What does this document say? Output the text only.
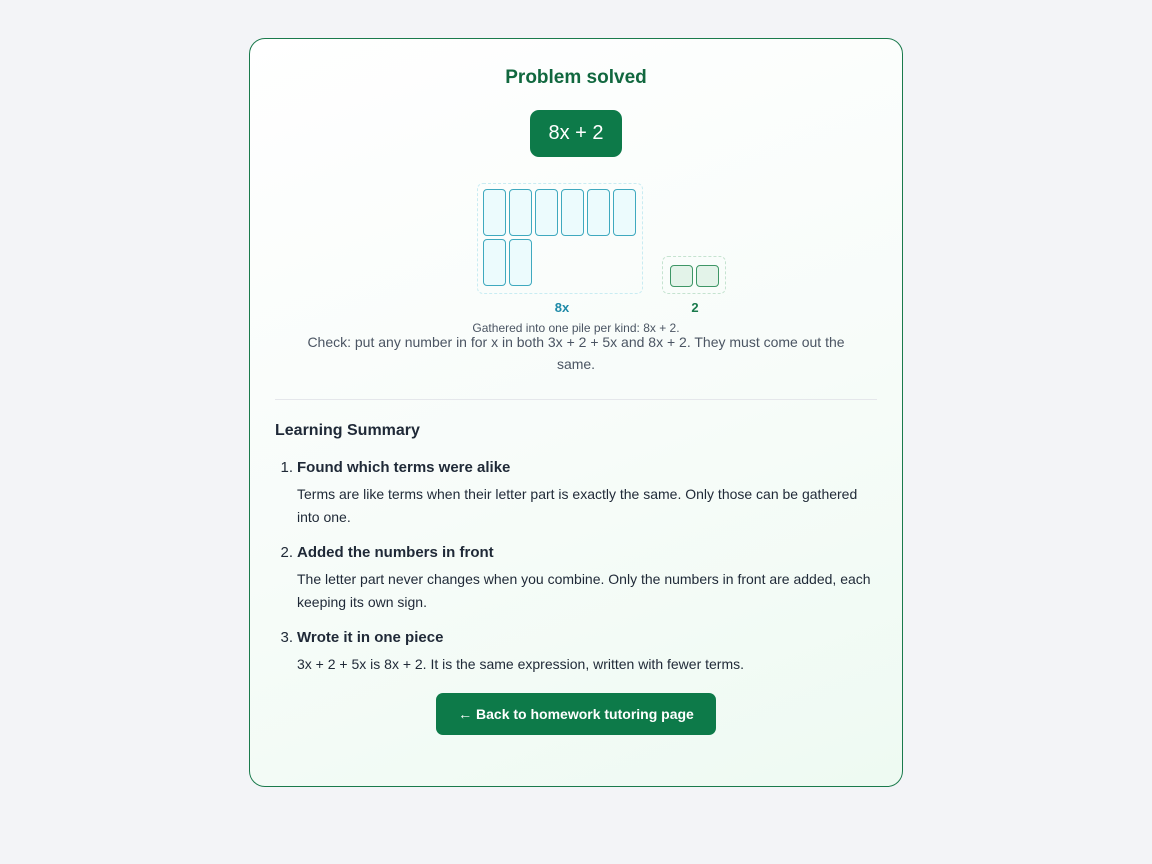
Problem solved
8x + 2
8x	2
Gathered into one pile per kind: 8x + 2.
Check: put any number in for x in both 3x + 2 + 5x and 8x + 2. They must come out the same.
Learning Summary
1. Found which terms were alike
Terms are like terms when their letter part is exactly the same. Only those can be gathered into one.
2. Added the numbers in front
The letter part never changes when you combine. Only the numbers in front are added, each keeping its own sign.
3. Wrote it in one piece
3x + 2 + 5x is 8x + 2. It is the same expression, written with fewer terms.
← Back to homework tutoring page
